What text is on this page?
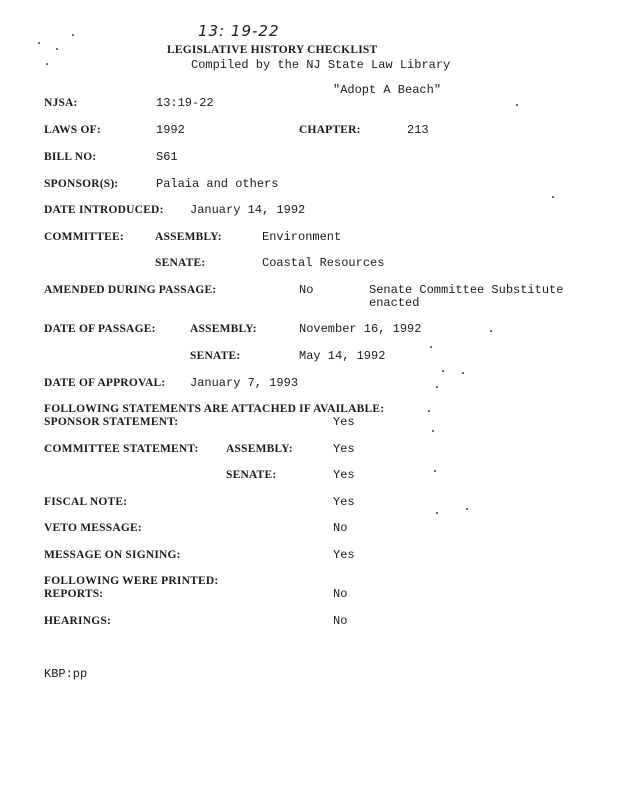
13: 19-22
LEGISLATIVE HISTORY CHECKLIST
Compiled by the NJ State Law Library
"Adopt A Beach"
NJSA:	13:19-22
LAWS OF:	1992	CHAPTER:	213
BILL NO:	S61
SPONSOR(S):	Palaia and others
DATE INTRODUCED: January 14, 1992
COMMITTEE:	ASSEMBLY:	Environment
SENATE:	Coastal Resources
AMENDED DURING PASSAGE:	No	Senate Committee Substitute
enacted
DATE OF PASSAGE:	ASSEMBLY:	November 16, 1992
SENATE:	May 14, 1992
DATE OF APPROVAL: January 7, 1993
FOLLOWING STATEMENTS ARE ATTACHED IF AVAILABLE:
SPONSOR STATEMENT:	Yes
COMMITTEE STATEMENT: ASSEMBLY:	Yes
SENATE:	Yes
FISCAL NOTE:	Yes
VETO MESSAGE:	No
MESSAGE ON SIGNING:	Yes
FOLLOWING WERE PRINTED:
REPORTS:	No
HEARINGS:	No
KBP:pp
